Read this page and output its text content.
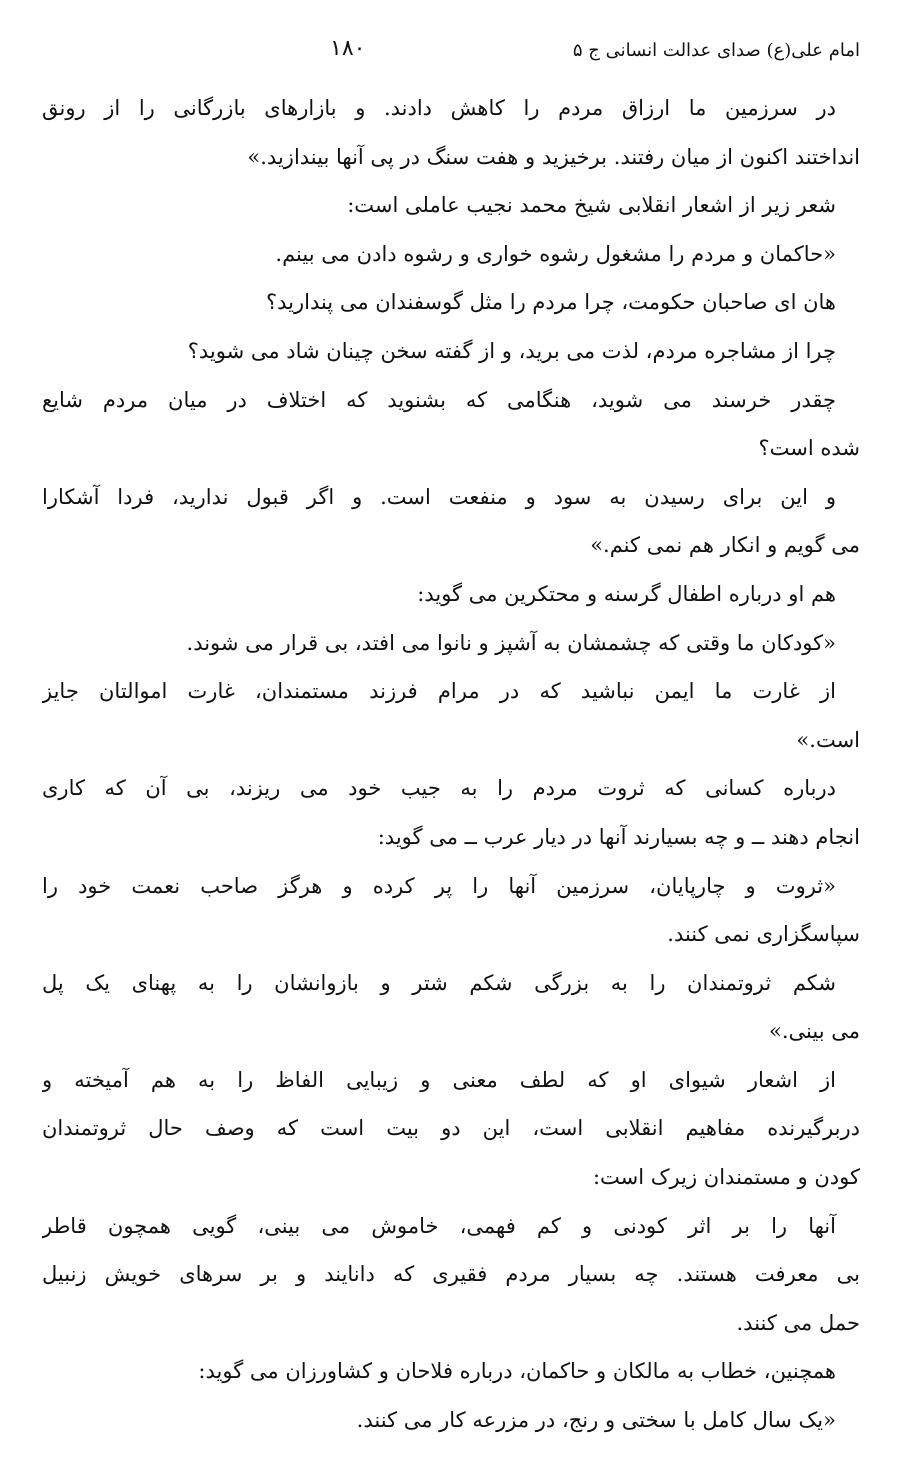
امام علی(ع) صدای عدالت انسانی ج ۵
۱۸۰
در سرزمین ما ارزاق مردم را کاهش دادند. و بازارهای بازرگانی را از رونق
انداختند اکنون از میان رفتند. برخیزید و هفت سنگ در پی آنها بیندازید.»
شعر زیر از اشعار انقلابی شیخ محمد نجیب عاملی است:
«حاکمان و مردم را مشغول رشوه خواری و رشوه دادن می بینم.
هان ای صاحبان حکومت، چرا مردم را مثل گوسفندان می پندارید؟
چرا از مشاجره مردم، لذت می برید، و از گفته سخن چینان شاد می شوید؟
چقدر خرسند می شوید، هنگامی که بشنوید که اختلاف در میان مردم شایع
شده است؟
و این برای رسیدن به سود و منفعت است. و اگر قبول ندارید، فردا آشکارا
می گویم و انکار هم نمی کنم.»
هم او درباره اطفال گرسنه و محتکرین می گوید:
«کودکان ما وقتی که چشمشان به آشپز و نانوا می افتد، بی قرار می شوند.
از غارت ما ایمن نباشید که در مرام فرزند مستمندان، غارت اموالتان جایز
است.»
درباره کسانی که ثروت مردم را به جیب خود می ریزند، بی آن که کاری
انجام دهند ــ و چه بسیارند آنها در دیار عرب ــ می گوید:
«ثروت و چارپایان، سرزمین آنها را پر کرده و هرگز صاحب نعمت خود را
سپاسگزاری نمی کنند.
شکم ثروتمندان را به بزرگی شکم شتر و بازوانشان را به پهنای یک پل
می بینی.»
از اشعار شیوای او که لطف معنی و زیبایی الفاظ را به هم آمیخته و
دربرگیرنده مفاهیم انقلابی است، این دو بیت است که وصف حال ثروتمندان
کودن و مستمندان زیرک است:
آنها را بر اثر کودنی و کم فهمی، خاموش می بینی، گویی همچون قاطر
بی معرفت هستند. چه بسیار مردم فقیری که دانایند و بر سرهای خویش زنبیل
حمل می کنند.
همچنین، خطاب به مالکان و حاکمان، درباره فلاحان و کشاورزان می گوید:
«یک سال کامل با سختی و رنج، در مزرعه کار می کنند.
